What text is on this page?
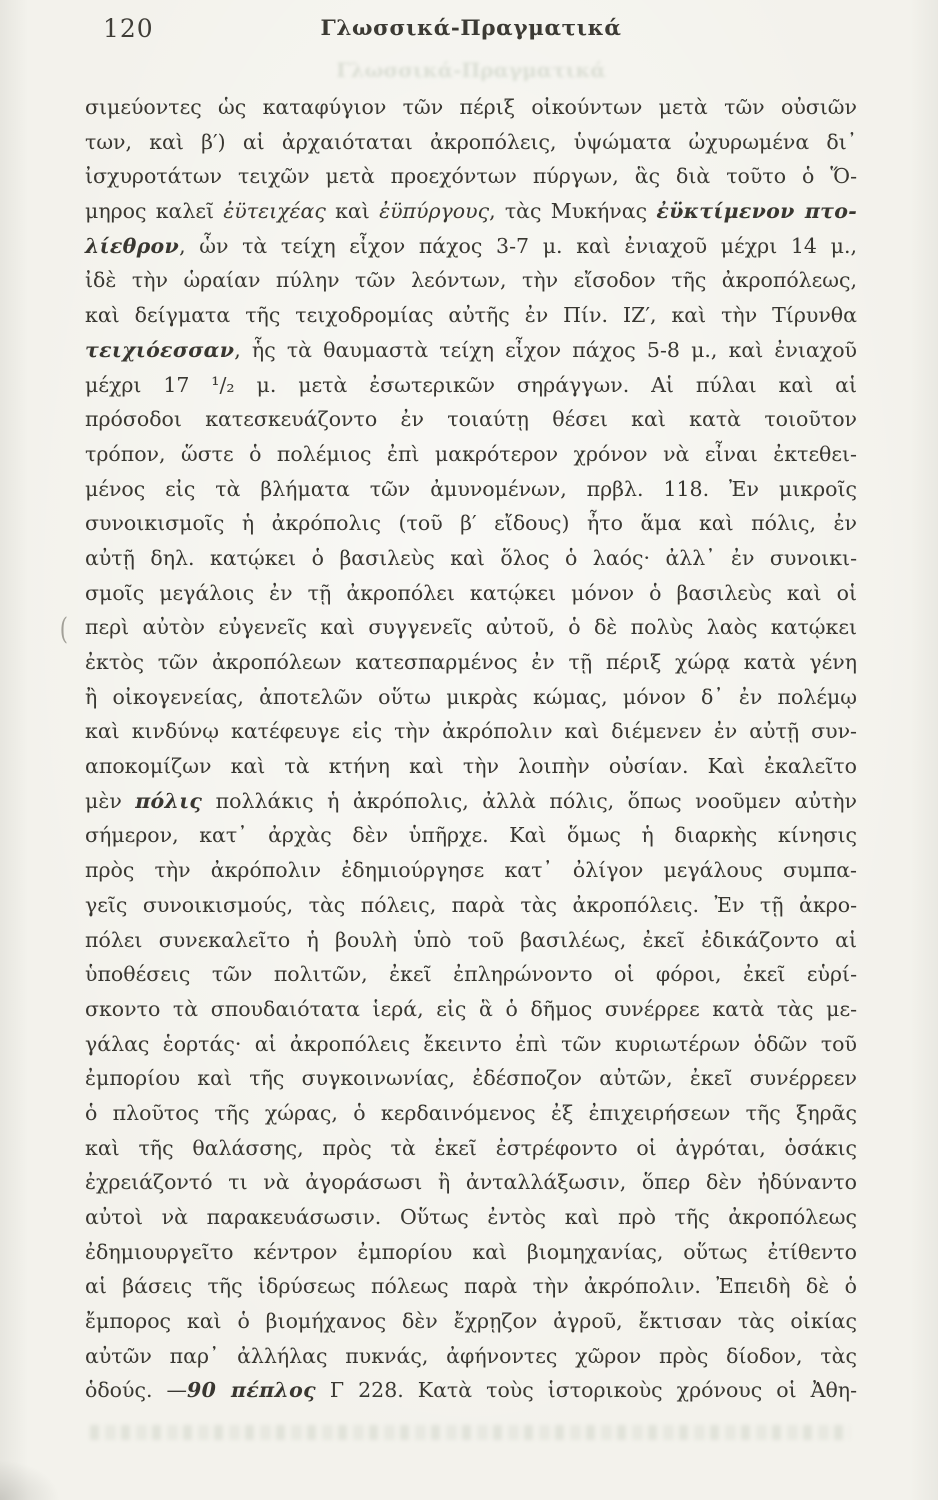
120	Γλωσσικά-Πραγματικά
Γλωσσικά-Πραγματικά
(
σιμεύοντες ὡς καταφύγιον τῶν πέριξ οἰκούντων μετὰ τῶν οὐσιῶν
των, καὶ β′) αἱ ἀρχαιόταται ἀκροπόλεις, ὑψώματα ὠχυρωμένα δι᾽
ἰσχυροτάτων τειχῶν μετὰ προεχόντων πύργων, ἃς διὰ τοῦτο ὁ Ὅ-
μηρος καλεῖ ἐϋτειχέας καὶ ἐϋπύργους, τὰς Μυκήνας ἐϋκτίμενον πτο-
λίεθρον, ὧν τὰ τείχη εἶχον πάχος 3-7 μ. καὶ ἐνιαχοῦ μέχρι 14 μ.,
ἰδὲ τὴν ὡραίαν πύλην τῶν λεόντων, τὴν εἴσοδον τῆς ἀκροπόλεως,
καὶ δείγματα τῆς τειχοδρομίας αὐτῆς ἐν Πίν. ΙΖ′, καὶ τὴν Τίρυνθα
τειχιόεσσαν, ἧς τὰ θαυμαστὰ τείχη εἶχον πάχος 5-8 μ., καὶ ἐνιαχοῦ
μέχρι 17 ¹/₂ μ. μετὰ ἐσωτερικῶν σηράγγων. Αἱ πύλαι καὶ αἱ
πρόσοδοι κατεσκευάζοντο ἐν τοιαύτῃ θέσει καὶ κατὰ τοιοῦτον
τρόπον, ὥστε ὁ πολέμιος ἐπὶ μακρότερον χρόνον νὰ εἶναι ἐκτεθει-
μένος εἰς τὰ βλήματα τῶν ἀμυνομένων, πρβλ. 118. Ἐν μικροῖς
συνοικισμοῖς ἡ ἀκρόπολις (τοῦ β′ εἴδους) ἦτο ἅμα καὶ πόλις, ἐν
αὐτῇ δηλ. κατῴκει ὁ βασιλεὺς καὶ ὅλος ὁ λαός· ἀλλ᾽ ἐν συνοικι-
σμοῖς μεγάλοις ἐν τῇ ἀκροπόλει κατῴκει μόνον ὁ βασιλεὺς καὶ οἱ
περὶ αὐτὸν εὐγενεῖς καὶ συγγενεῖς αὐτοῦ, ὁ δὲ πολὺς λαὸς κατῴκει
ἐκτὸς τῶν ἀκροπόλεων κατεσπαρμένος ἐν τῇ πέριξ χώρᾳ κατὰ γένη
ἢ οἰκογενείας, ἀποτελῶν οὕτω μικρὰς κώμας, μόνον δ᾽ ἐν πολέμῳ
καὶ κινδύνῳ κατέφευγε εἰς τὴν ἀκρόπολιν καὶ διέμενεν ἐν αὐτῇ συν-
αποκομίζων καὶ τὰ κτήνη καὶ τὴν λοιπὴν οὐσίαν. Καὶ ἐκαλεῖτο
μὲν πόλις πολλάκις ἡ ἀκρόπολις, ἀλλὰ πόλις, ὅπως νοοῦμεν αὐτὴν
σήμερον, κατ᾽ ἀρχὰς δὲν ὑπῆρχε. Καὶ ὅμως ἡ διαρκὴς κίνησις
πρὸς τὴν ἀκρόπολιν ἐδημιούργησε κατ᾽ ὀλίγον μεγάλους συμπα-
γεῖς συνοικισμούς, τὰς πόλεις, παρὰ τὰς ἀκροπόλεις. Ἐν τῇ ἀκρο-
πόλει συνεκαλεῖτο ἡ βουλὴ ὑπὸ τοῦ βασιλέως, ἐκεῖ ἐδικάζοντο αἱ
ὑποθέσεις τῶν πολιτῶν, ἐκεῖ ἐπληρώνοντο οἱ φόροι, ἐκεῖ εὑρί-
σκοντο τὰ σπουδαιότατα ἱερά, εἰς ἃ ὁ δῆμος συνέρρεε κατὰ τὰς με-
γάλας ἑορτάς· αἱ ἀκροπόλεις ἔκειντο ἐπὶ τῶν κυριωτέρων ὁδῶν τοῦ
ἐμπορίου καὶ τῆς συγκοινωνίας, ἐδέσποζον αὐτῶν, ἐκεῖ συνέρρεεν
ὁ πλοῦτος τῆς χώρας, ὁ κερδαινόμενος ἐξ ἐπιχειρήσεων τῆς ξηρᾶς
καὶ τῆς θαλάσσης, πρὸς τὰ ἐκεῖ ἐστρέφοντο οἱ ἀγρόται, ὁσάκις
ἐχρειάζοντό τι νὰ ἀγοράσωσι ἢ ἀνταλλάξωσιν, ὅπερ δὲν ἠδύναντο
αὐτοὶ νὰ παρακευάσωσιν. Οὕτως ἐντὸς καὶ πρὸ τῆς ἀκροπόλεως
ἐδημιουργεῖτο κέντρον ἐμπορίου καὶ βιομηχανίας, οὕτως ἐτίθεντο
αἱ βάσεις τῆς ἱδρύσεως πόλεως παρὰ τὴν ἀκρόπολιν. Ἐπειδὴ δὲ ὁ
ἔμπορος καὶ ὁ βιομήχανος δὲν ἔχρῃζον ἀγροῦ, ἔκτισαν τὰς οἰκίας
αὐτῶν παρ᾽ ἀλλήλας πυκνάς, ἀφήνοντες χῶρον πρὸς δίοδον, τὰς
ὁδούς. —90 πέπλος Γ 228. Κατὰ τοὺς ἱστορικοὺς χρόνους οἱ Ἀθη-
